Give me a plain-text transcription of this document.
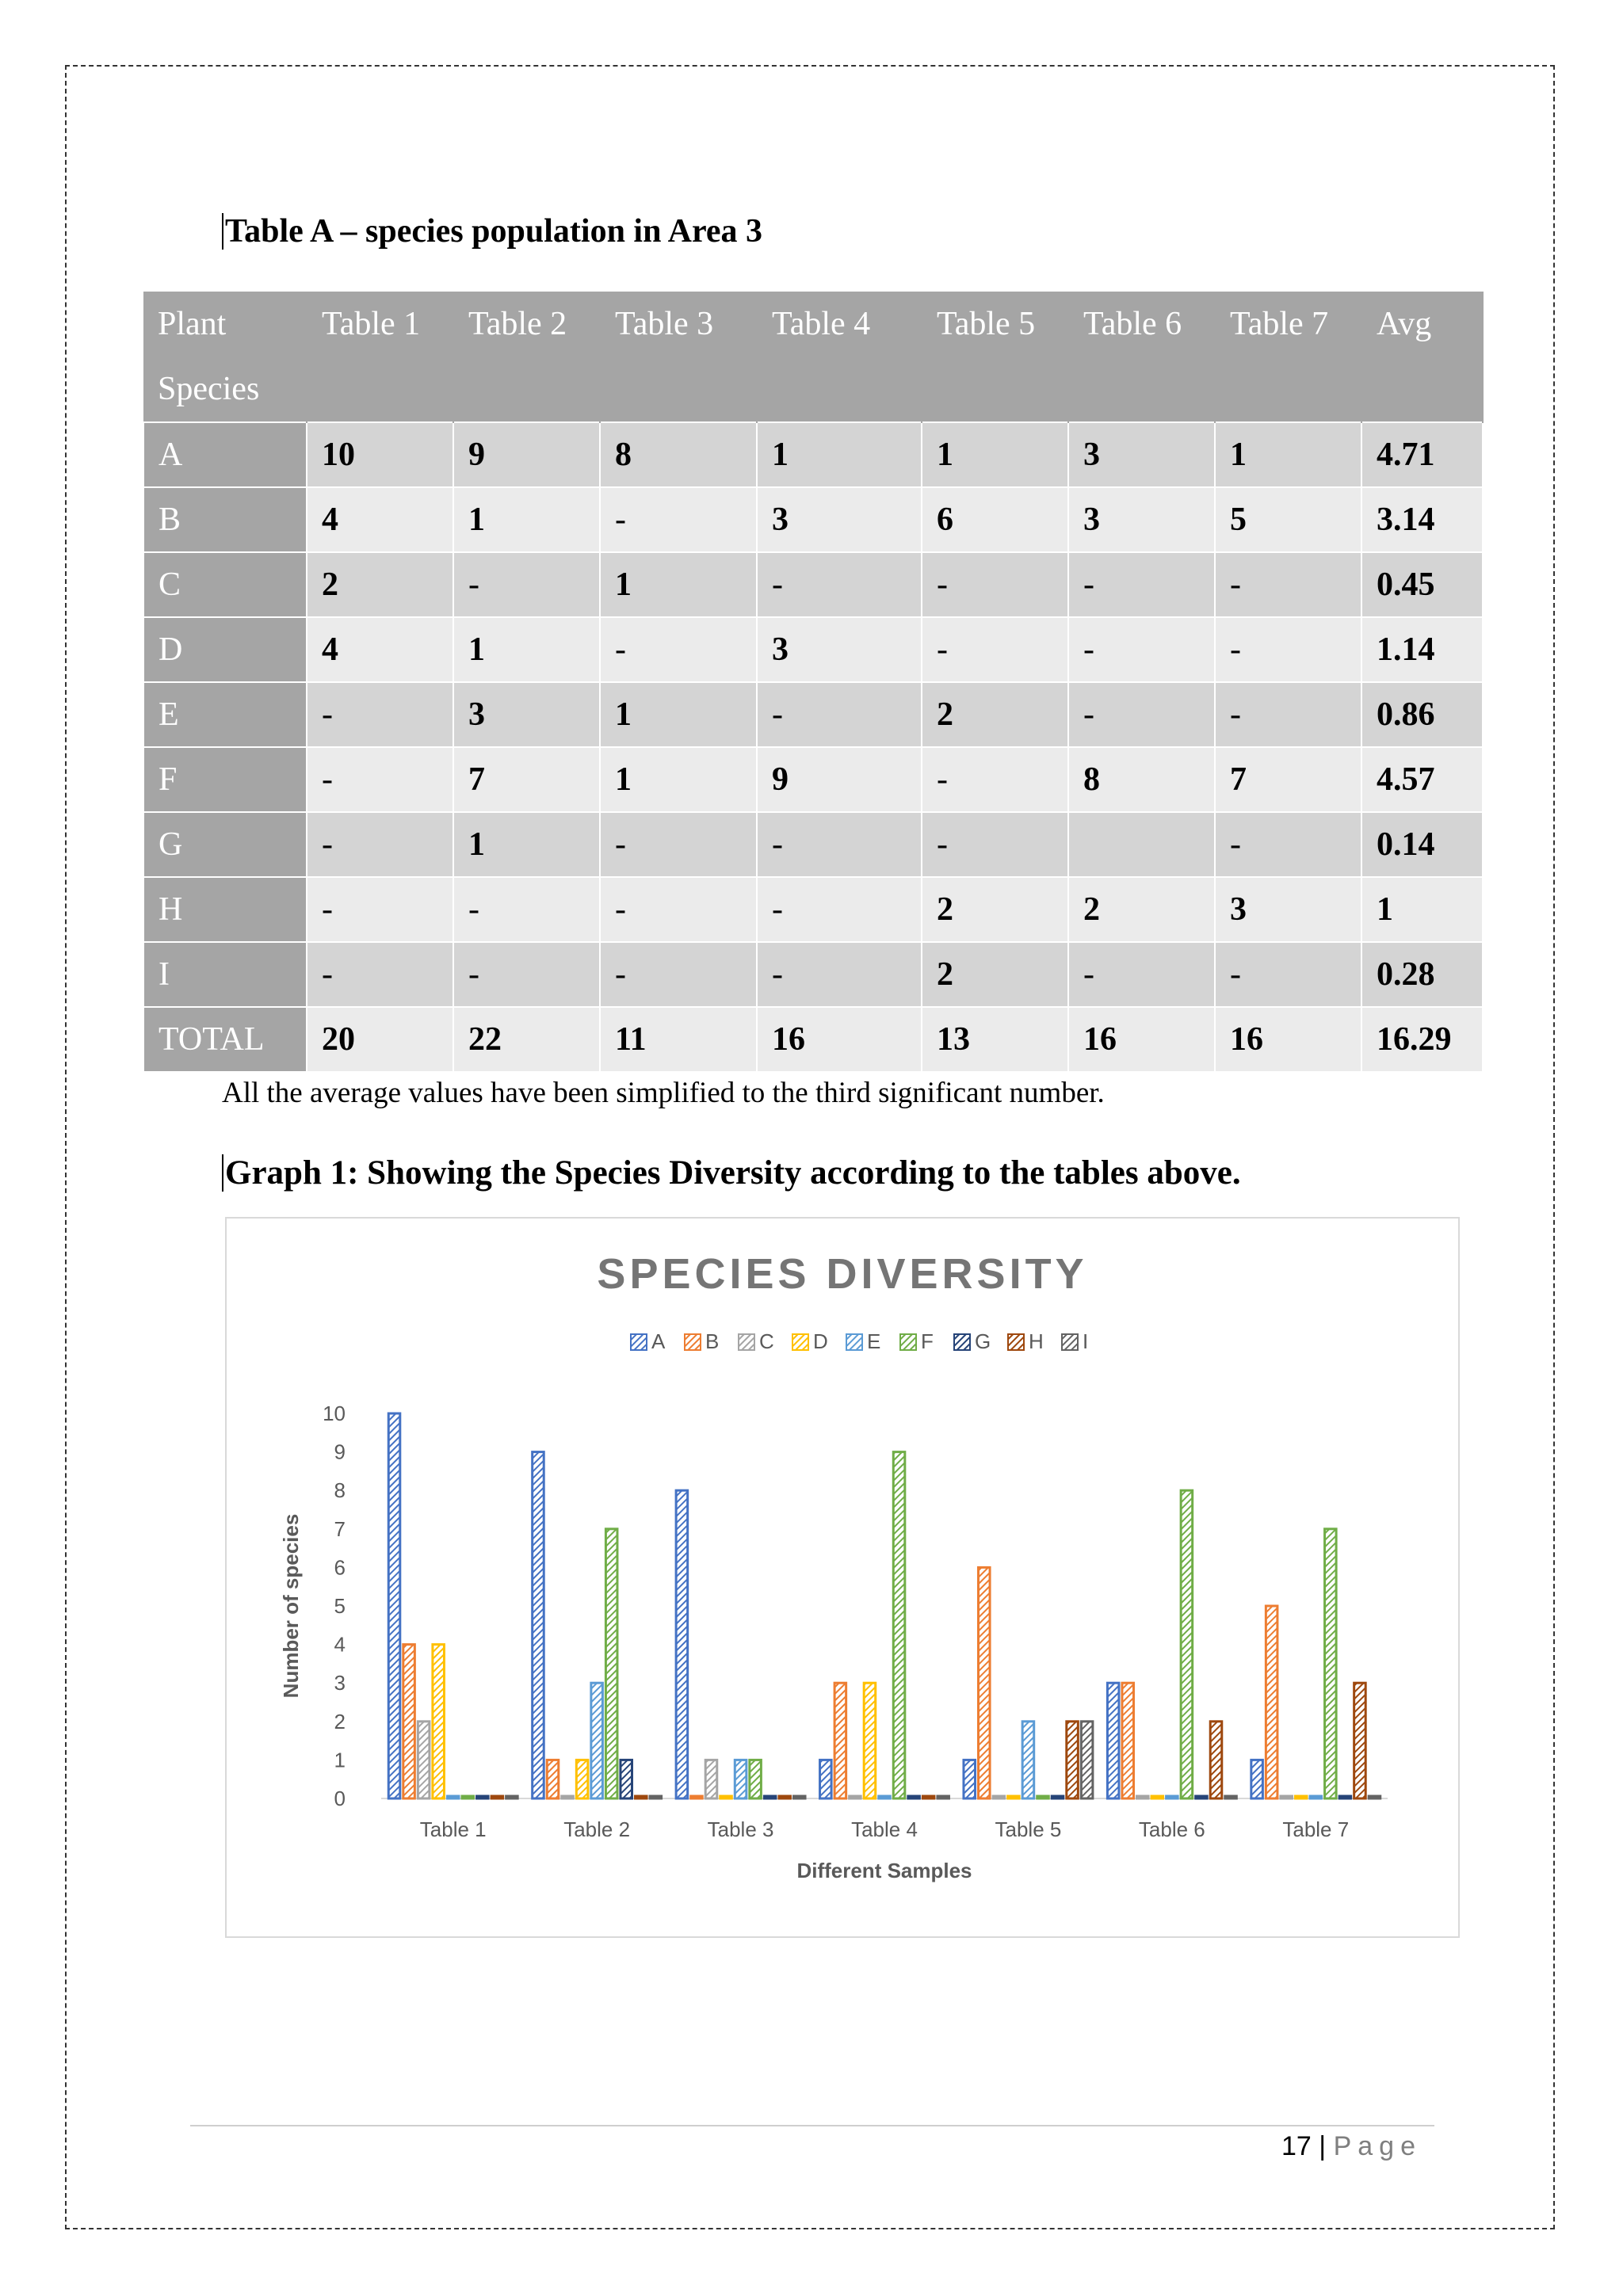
Table A – species population in Area 3
Plant Species	Table 1	Table 2	Table 3	Table 4	Table 5	Table 6	Table 7	Avg
A	10	9	8	1	1	3	1	4.71
B	4	1	-	3	6	3	5	3.14
C	2	-	1	-	-	-	-	0.45
D	4	1	-	3	-	-	-	1.14
E	-	3	1	-	2	-	-	0.86
F	-	7	1	9	-	8	7	4.57
G	-	1	-	-	-		-	0.14
H	-	-	-	-	2	2	3	1
I	-	-	-	-	2	-	-	0.28
TOTAL	20	22	11	16	13	16	16	16.29
All the average values have been simplified to the third significant number.
Graph 1: Showing the Species Diversity according to the tables above.
SPECIES DIVERSITY
A B C D E F G H I
0
1
2
3
4
5
6
7
8
9
10
Number of species
Table 1	Table 2	Table 3	Table 4	Table 5	Table 6	Table 7
Different Samples
17 | Page
